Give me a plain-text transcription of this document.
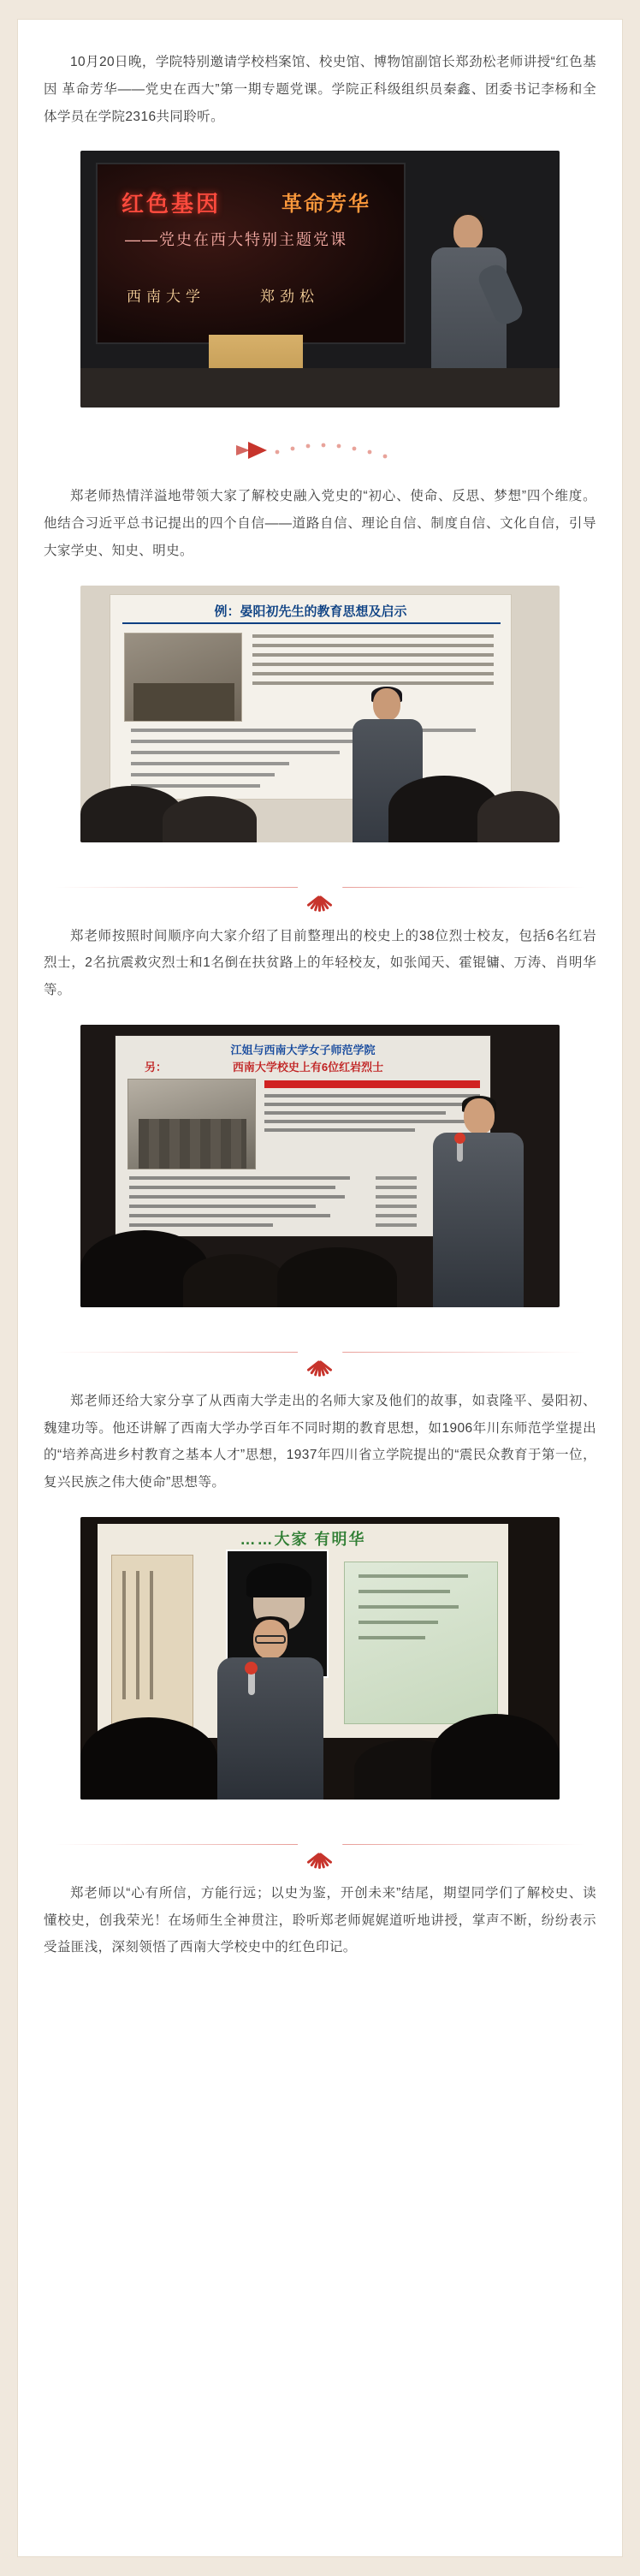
10月20日晚，学院特别邀请学校档案馆、校史馆、博物馆副馆长郑劲松老师讲授“红色基因 革命芳华——党史在西大”第一期专题党课。学院正科级组织员秦鑫、团委书记李杨和全体学员在学院2316共同聆听。

红色基因	革命芳华
——党史在西大特别主题党课
西南大学	郑劲松

郑老师热情洋溢地带领大家了解校史融入党史的“初心、使命、反思、梦想”四个维度。他结合习近平总书记提出的四个自信——道路自信、理论自信、制度自信、文化自信，引导大家学史、知史、明史。

例：晏阳初先生的教育思想及启示

郑老师按照时间顺序向大家介绍了目前整理出的校史上的38位烈士校友，包括6名红岩烈士，2名抗震救灾烈士和1名倒在扶贫路上的年轻校友，如张闻天、霍锟镛、万涛、肖明华等。

江姐与西南大学女子师范学院
另：	西南大学校史上有6位红岩烈士

郑老师还给大家分享了从西南大学走出的名师大家及他们的故事，如袁隆平、晏阳初、魏建功等。他还讲解了西南大学办学百年不同时期的教育思想，如1906年川东师范学堂提出的“培养高进乡村教育之基本人才”思想，1937年四川省立学院提出的“震民众教育于第一位，复兴民族之伟大使命”思想等。

……大家 有明华

郑老师以“心有所信，方能行远；以史为鉴，开创未来”结尾，期望同学们了解校史、读懂校史，创我荣光！在场师生全神贯注，聆听郑老师娓娓道听地讲授，掌声不断，纷纷表示受益匪浅，深刻领悟了西南大学校史中的红色印记。
